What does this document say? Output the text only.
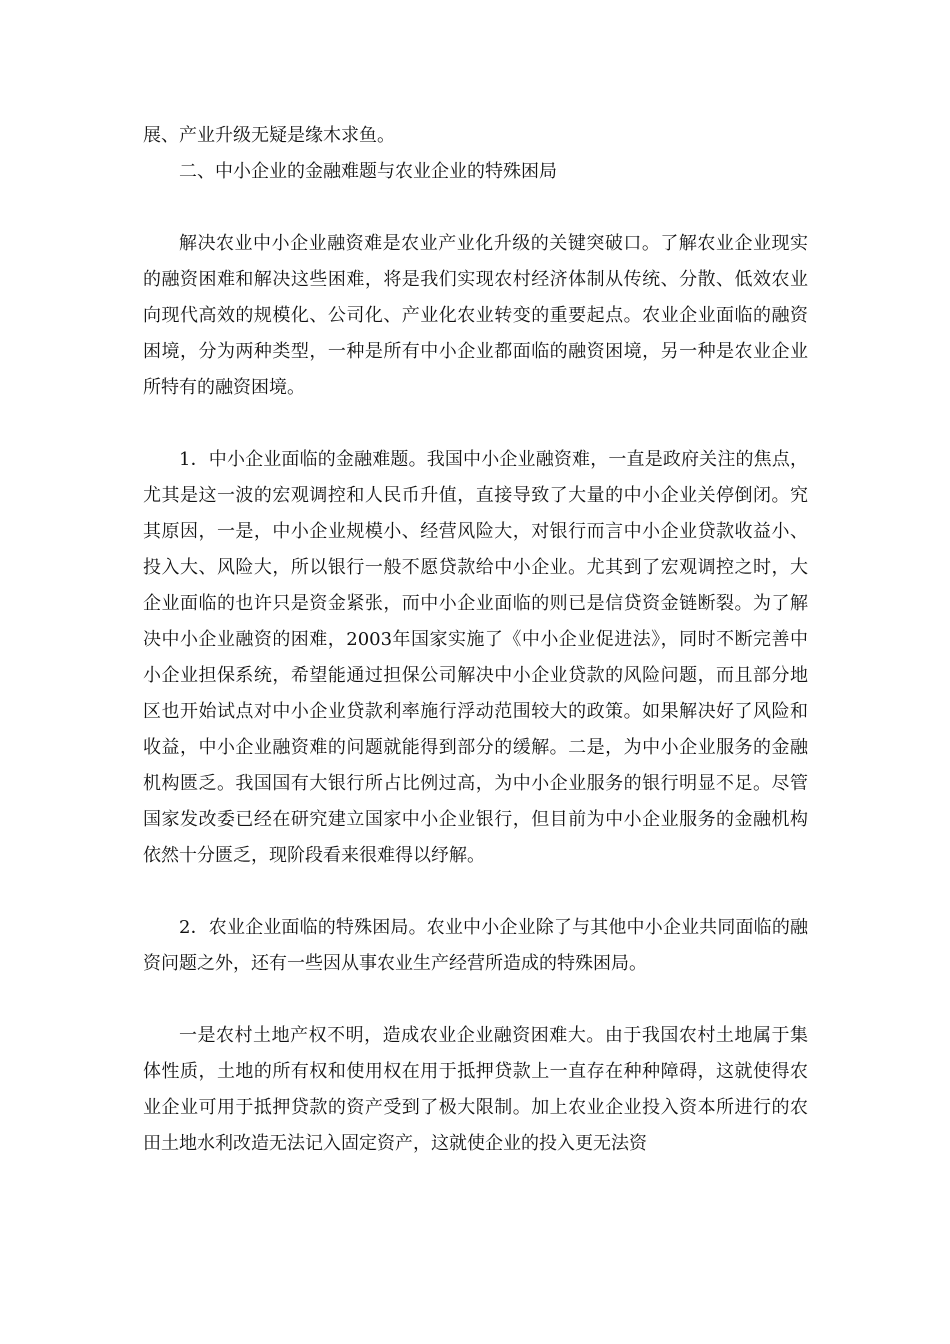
展、产业升级无疑是缘木求鱼。

二、中小企业的金融难题与农业企业的特殊困局

解决农业中小企业融资难是农业产业化升级的关键突破口。了解农业企业现实的融资困难和解决这些困难，将是我们实现农村经济体制从传统、分散、低效农业向现代高效的规模化、公司化、产业化农业转变的重要起点。农业企业面临的融资困境，分为两种类型，一种是所有中小企业都面临的融资困境，另一种是农业企业所特有的融资困境。

1．中小企业面临的金融难题。我国中小企业融资难，一直是政府关注的焦点，尤其是这一波的宏观调控和人民币升值，直接导致了大量的中小企业关停倒闭。究其原因，一是，中小企业规模小、经营风险大，对银行而言中小企业贷款收益小、投入大、风险大，所以银行一般不愿贷款给中小企业。尤其到了宏观调控之时，大企业面临的也许只是资金紧张，而中小企业面临的则已是信贷资金链断裂。为了解决中小企业融资的困难，2003年国家实施了《中小企业促进法》，同时不断完善中小企业担保系统，希望能通过担保公司解决中小企业贷款的风险问题，而且部分地区也开始试点对中小企业贷款利率施行浮动范围较大的政策。如果解决好了风险和收益，中小企业融资难的问题就能得到部分的缓解。二是，为中小企业服务的金融机构匮乏。我国国有大银行所占比例过高，为中小企业服务的银行明显不足。尽管国家发改委已经在研究建立国家中小企业银行，但目前为中小企业服务的金融机构依然十分匮乏，现阶段看来很难得以纾解。

2．农业企业面临的特殊困局。农业中小企业除了与其他中小企业共同面临的融资问题之外，还有一些因从事农业生产经营所造成的特殊困局。

一是农村土地产权不明，造成农业企业融资困难大。由于我国农村土地属于集体性质，土地的所有权和使用权在用于抵押贷款上一直存在种种障碍，这就使得农业企业可用于抵押贷款的资产受到了极大限制。加上农业企业投入资本所进行的农田土地水利改造无法记入固定资产，这就使企业的投入更无法资
